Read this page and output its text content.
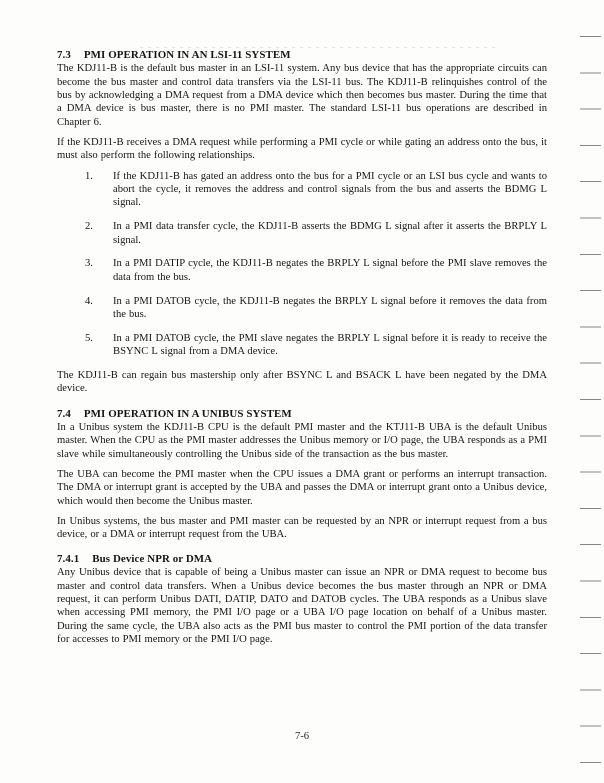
7.3 PMI OPERATION IN AN LSI-11 SYSTEM

The KDJ11-B is the default bus master in an LSI-11 system. Any bus device that has the appropriate circuits can become the bus master and control data transfers via the LSI-11 bus. The KDJ11-B relinquishes control of the bus by acknowledging a DMA request from a DMA device which then becomes bus master. During the time that a DMA device is bus master, there is no PMI master. The standard LSI-11 bus operations are described in Chapter 6.

If the KDJ11-B receives a DMA request while performing a PMI cycle or while gating an address onto the bus, it must also perform the following relationships.

1.	If the KDJ11-B has gated an address onto the bus for a PMI cycle or an LSI bus cycle and wants to abort the cycle, it removes the address and control signals from the bus and asserts the BDMG L signal.
2.	In a PMI data transfer cycle, the KDJ11-B asserts the BDMG L signal after it asserts the BRPLY L signal.
3.	In a PMI DATIP cycle, the KDJ11-B negates the BRPLY L signal before the PMI slave removes the data from the bus.
4.	In a PMI DATOB cycle, the KDJ11-B negates the BRPLY L signal before it removes the data from the bus.
5.	In a PMI DATOB cycle, the PMI slave negates the BRPLY L signal before it is ready to receive the BSYNC L signal from a DMA device.

The KDJ11-B can regain bus mastership only after BSYNC L and BSACK L have been negated by the DMA device.

7.4 PMI OPERATION IN A UNIBUS SYSTEM

In a Unibus system the KDJ11-B CPU is the default PMI master and the KTJ11-B UBA is the default Unibus master. When the CPU as the PMI master addresses the Unibus memory or I/O page, the UBA responds as a PMI slave while simultaneously controlling the Unibus side of the transaction as the bus master.

The UBA can become the PMI master when the CPU issues a DMA grant or performs an interrupt transaction. The DMA or interrupt grant is accepted by the UBA and passes the DMA or interrupt grant onto a Unibus device, which would then become the Unibus master.

In Unibus systems, the bus master and PMI master can be requested by an NPR or interrupt request from a bus device, or a DMA or interrupt request from the UBA.

7.4.1 Bus Device NPR or DMA

Any Unibus device that is capable of being a Unibus master can issue an NPR or DMA request to become bus master and control data transfers. When a Unibus device becomes the bus master through an NPR or DMA request, it can perform Unibus DATI, DATIP, DATO and DATOB cycles. The UBA responds as a Unibus slave when accessing PMI memory, the PMI I/O page or a UBA I/O page location on behalf of a Unibus master. During the same cycle, the UBA also acts as the PMI bus master to control the PMI portion of the data transfer for accesses to PMI memory or the PMI I/O page.

7-6
